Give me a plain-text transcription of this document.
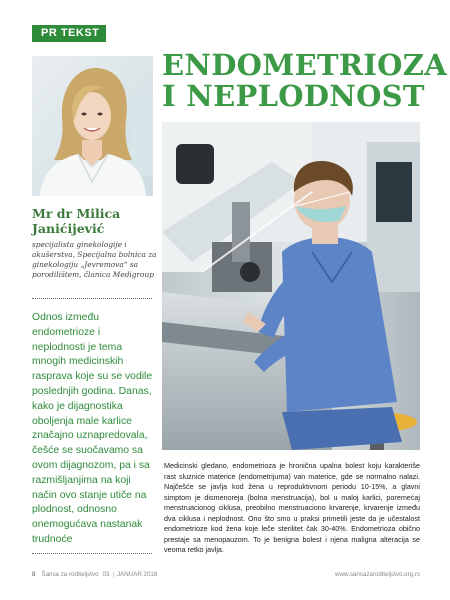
PR TEKST
ENDOMETRIOZA
I NEPLODNOST
Mr dr Milica
Janićijević
specijalista ginekologije i akušerstva, Specijalna bolnica za ginekologiju „Jevremova“ sa porodilištem, članica Medigroup
Odnos između endometrioze i neplodnosti je tema mnogih medicinskih rasprava koje su se vodile poslednjih godina. Danas, kako je dijagnostika oboljenja male karlice značajno uznapredovala, češće se suočavamo sa ovom dijagnozom, pa i sa razmišljanjima na koji način ovo stanje utiče na plodnost, odnosno onemogućava nastanak trudnoće
Medicinski gledano, endometrioza je hronična upalna bolest koju karakteriše rast sluznice materice (endometrijuma) van materice, gde se normalno nalazi. Najčešće se javlja kod žena u reproduktivnom periodu 10-15%, a glavni simptom je dismenoreja (bolna menstruacija), bol u maloj karlici, poremećaj menstruacionog ciklusa, preobilno menstruaciono krvarenje, krvarenje između dva ciklusa i neplodnost. Ono što smo u praksi primetili jeste da je učestalost endometrioze kod žena koje leče sterilitet čak 30-40%. Endometrioza obično prestaje sa menopauzom. To je benigna bolest i njena maligna alteracija se veoma retko javlja.
8 Šansa za roditeljstvo 03 | JANUAR 2018	www.sansazaroditeljstvo.org.rs
